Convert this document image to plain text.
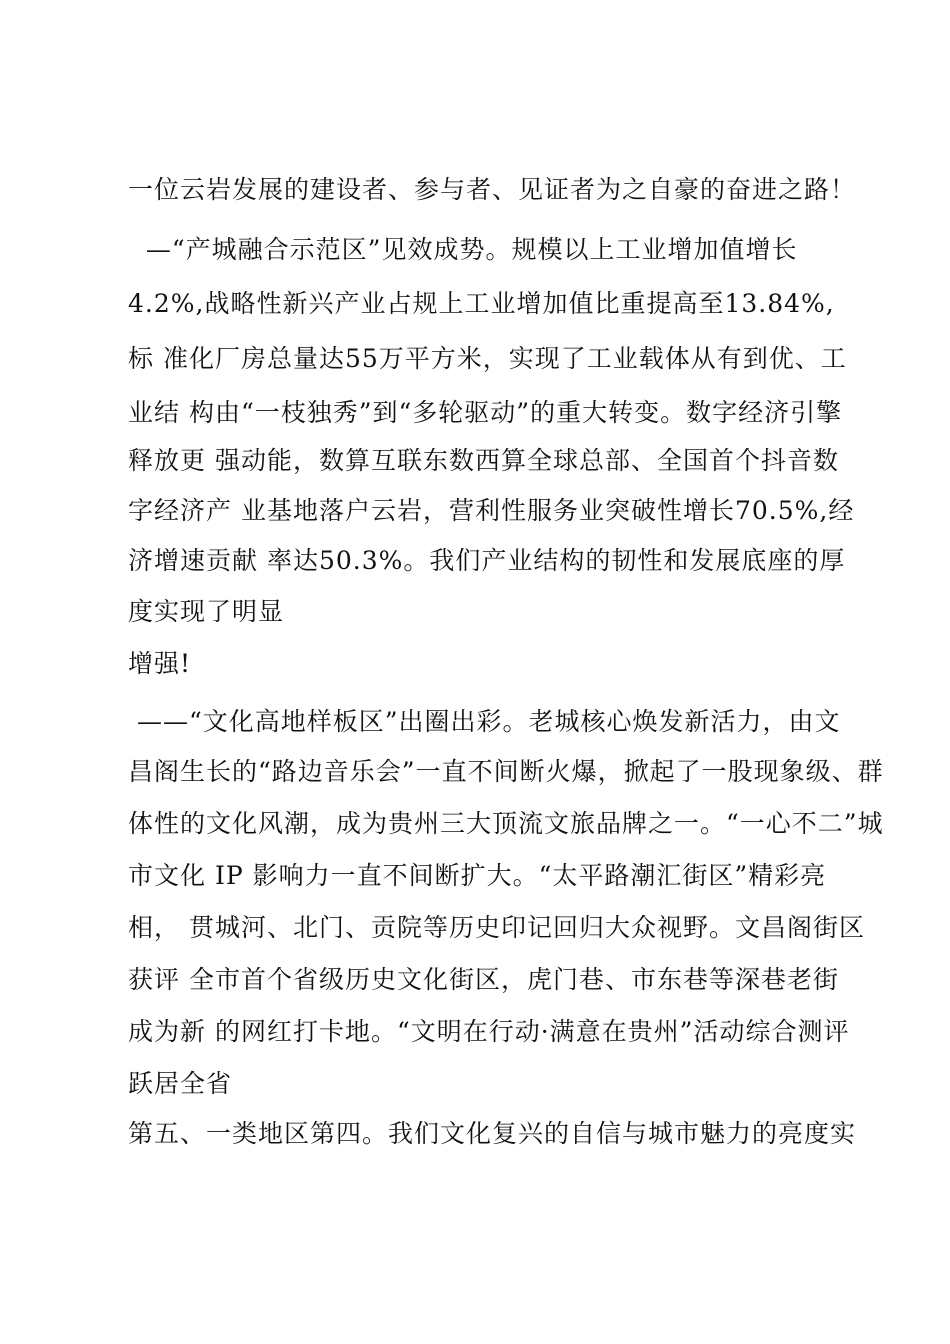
一位云岩发展的建设者、参与者、见证者为之自豪的奋进之路！
—“产城融合示范区”见效成势。规模以上工业增加值增长
4.2%,战略性新兴产业占规上工业增加值比重提高至13.84%,
标 准化厂房总量达55万平方米，实现了工业载体从有到优、工
业结 构由“一枝独秀”到“多轮驱动”的重大转变。数字经济引擎
释放更 强动能，数算互联东数西算全球总部、全国首个抖音数
字经济产 业基地落户云岩，营利性服务业突破性增长70.5%,经
济增速贡献 率达50.3%。我们产业结构的韧性和发展底座的厚
度实现了明显
增强!
——“文化高地样板区”出圈出彩。老城核心焕发新活力，由文
昌阁生长的“路边音乐会”一直不间断火爆，掀起了一股现象级、群
体性的文化风潮，成为贵州三大顶流文旅品牌之一。“一心不二”城
市文化 IP 影响力一直不间断扩大。“太平路潮汇街区”精彩亮
相， 贯城河、北门、贡院等历史印记回归大众视野。文昌阁街区
获评 全市首个省级历史文化街区，虎门巷、市东巷等深巷老街
成为新 的网红打卡地。“文明在行动·满意在贵州”活动综合测评
跃居全省
第五、一类地区第四。我们文化复兴的自信与城市魅力的亮度实
